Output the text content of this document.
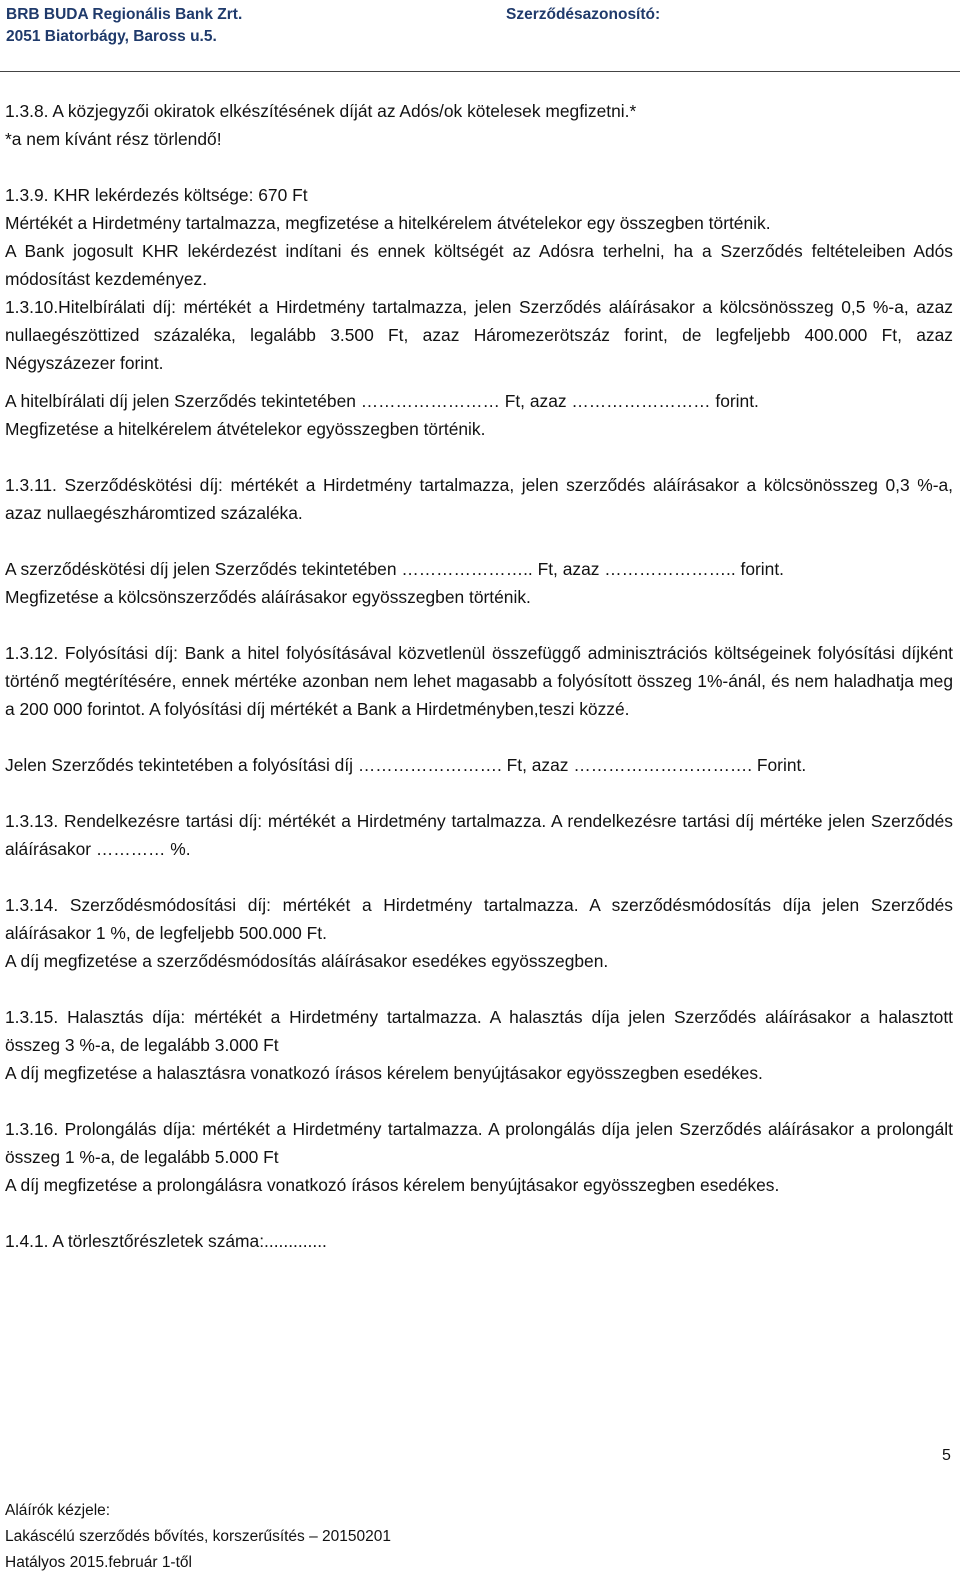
BRB BUDA Regionális Bank Zrt.
2051 Biatorbágy, Baross u.5.
Szerződésazonosító:

1.3.8. A közjegyzői okiratok elkészítésének díját az Adós/ok kötelesek megfizetni.*

*a nem kívánt rész törlendő!

1.3.9. KHR lekérdezés költsége: 670 Ft

Mértékét a Hirdetmény tartalmazza, megfizetése a hitelkérelem átvételekor egy összegben történik.

A Bank jogosult KHR lekérdezést indítani és ennek költségét az Adósra terhelni, ha a Szerződés feltételeiben Adós módosítást kezdeményez.

1.3.10.Hitelbírálati díj: mértékét a Hirdetmény tartalmazza, jelen Szerződés aláírásakor a kölcsönösszeg 0,5 %-a, azaz nullaegészöttized százaléka, legalább 3.500 Ft, azaz Háromezerötszáz forint, de legfeljebb 400.000 Ft, azaz Négyszázezer forint.

A hitelbírálati díj jelen Szerződés tekintetében …………………… Ft, azaz …………………… forint.

Megfizetése a hitelkérelem átvételekor egyösszegben történik.

1.3.11. Szerződéskötési díj: mértékét a Hirdetmény tartalmazza, jelen szerződés aláírásakor a kölcsönösszeg 0,3 %-a, azaz nullaegészháromtized százaléka.

A szerződéskötési díj jelen Szerződés tekintetében ………………….. Ft, azaz ………………….. forint.

Megfizetése a kölcsönszerződés aláírásakor egyösszegben történik.

1.3.12. Folyósítási díj: Bank a hitel folyósításával közvetlenül összefüggő adminisztrációs költségeinek folyósítási díjként történő megtérítésére, ennek mértéke azonban nem lehet magasabb a folyósított összeg 1%-ánál, és nem haladhatja meg a 200 000 forintot. A folyósítási díj mértékét a Bank a Hirdetményben,teszi közzé.

Jelen Szerződés tekintetében a folyósítási díj ……………………. Ft, azaz …………………………. Forint.

1.3.13. Rendelkezésre tartási díj: mértékét a Hirdetmény tartalmazza. A rendelkezésre tartási díj mértéke jelen Szerződés aláírásakor ………… %.

1.3.14. Szerződésmódosítási díj: mértékét a Hirdetmény tartalmazza. A szerződésmódosítás díja jelen Szerződés aláírásakor 1 %, de legfeljebb 500.000 Ft.

A díj megfizetése a szerződésmódosítás aláírásakor esedékes egyösszegben.

1.3.15. Halasztás díja: mértékét a Hirdetmény tartalmazza. A halasztás díja jelen Szerződés aláírásakor a halasztott összeg 3 %-a, de legalább 3.000 Ft

A díj megfizetése a halasztásra vonatkozó írásos kérelem benyújtásakor egyösszegben esedékes.

1.3.16. Prolongálás díja: mértékét a Hirdetmény tartalmazza. A prolongálás díja jelen Szerződés aláírásakor a prolongált összeg 1 %-a, de legalább 5.000 Ft

A díj megfizetése a prolongálásra vonatkozó írásos kérelem benyújtásakor egyösszegben esedékes.

1.4.1. A törlesztőrészletek száma:.............

5
Aláírók kézjele:
Lakáscélú szerződés bővítés, korszerűsítés – 20150201
Hatályos 2015.február 1-től
